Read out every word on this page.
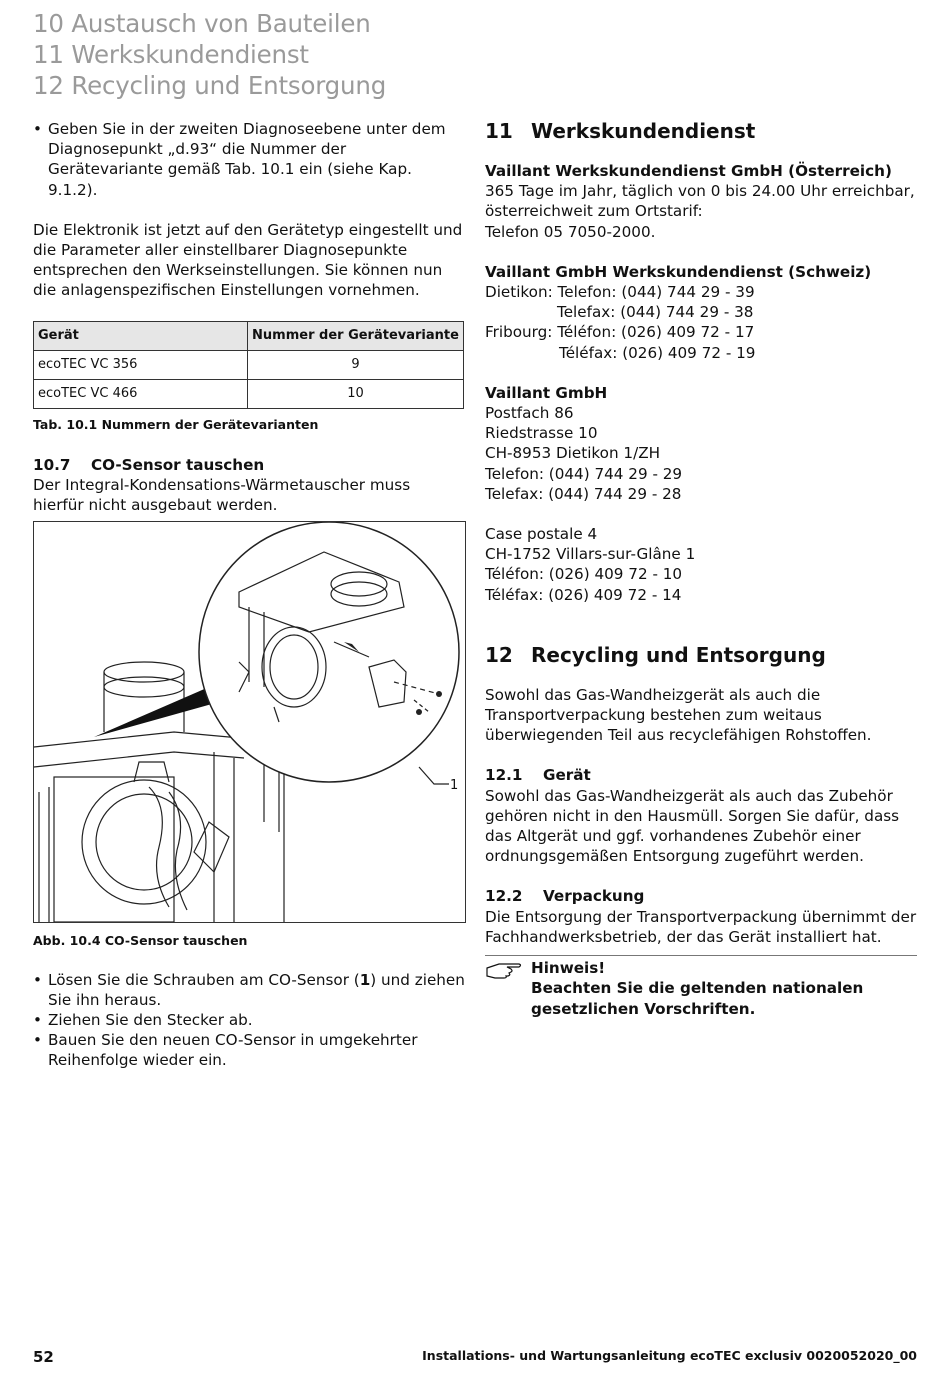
10 Austausch von Bauteilen
11 Werkskundendienst
12 Recycling und Entsorgung
• Geben Sie in der zweiten Diagnoseebene unter dem Diagnosepunkt „d.93“ die Nummer der Gerätevariante gemäß Tab. 10.1 ein (siehe Kap. 9.1.2).

Die Elektronik ist jetzt auf den Gerätetyp eingestellt und die Parameter aller einstellbarer Diagnosepunkte entsprechen den Werkseinstellungen. Sie können nun die anlagenspezifischen Einstellungen vornehmen.

Gerät	Nummer der Gerätevariante
ecoTEC VC 356	9
ecoTEC VC 466	10
Tab. 10.1 Nummern der Gerätevarianten
10.7 CO-Sensor tauschen

Der Integral-Kondensations-Wärmetauscher muss hierfür nicht ausgebaut werden.

1
Abb. 10.4 CO-Sensor tauschen
• Lösen Sie die Schrauben am CO-Sensor (1) und ziehen Sie ihn heraus.
• Ziehen Sie den Stecker ab.
• Bauen Sie den neuen CO-Sensor in umgekehrter Reihenfolge wieder ein.
11 Werkskundendienst

Vaillant Werkskundendienst GmbH (Österreich)

365 Tage im Jahr, täglich von 0 bis 24.00 Uhr erreichbar, österreichweit zum Ortstarif:

Telefon 05 7050-2000.

Vaillant GmbH Werkskundendienst (Schweiz)

Dietikon: Telefon: (044) 744 29 - 39

Telefax: (044) 744 29 - 38

Fribourg: Téléfon: (026) 409 72 - 17

Téléfax: (026) 409 72 - 19

Vaillant GmbH

Postfach 86

Riedstrasse 10

CH-8953 Dietikon 1/ZH

Telefon: (044) 744 29 - 29

Telefax: (044) 744 29 - 28

Case postale 4

CH-1752 Villars-sur-Glâne 1

Téléfon: (026) 409 72 - 10

Téléfax: (026) 409 72 - 14

12 Recycling und Entsorgung

Sowohl das Gas-Wandheizgerät als auch die Transportverpackung bestehen zum weitaus überwiegenden Teil aus recyclefähigen Rohstoffen.

12.1 Gerät

Sowohl das Gas-Wandheizgerät als auch das Zubehör gehören nicht in den Hausmüll. Sorgen Sie dafür, dass das Altgerät und ggf. vorhandenes Zubehör einer ordnungsgemäßen Entsorgung zugeführt werden.

12.2 Verpackung

Die Entsorgung der Transportverpackung übernimmt der Fachhandwerksbetrieb, der das Gerät installiert hat.

Hinweis!
Beachten Sie die geltenden nationalen gesetzlichen Vorschriften.
52	Installations- und Wartungsanleitung ecoTEC exclusiv 0020052020_00
